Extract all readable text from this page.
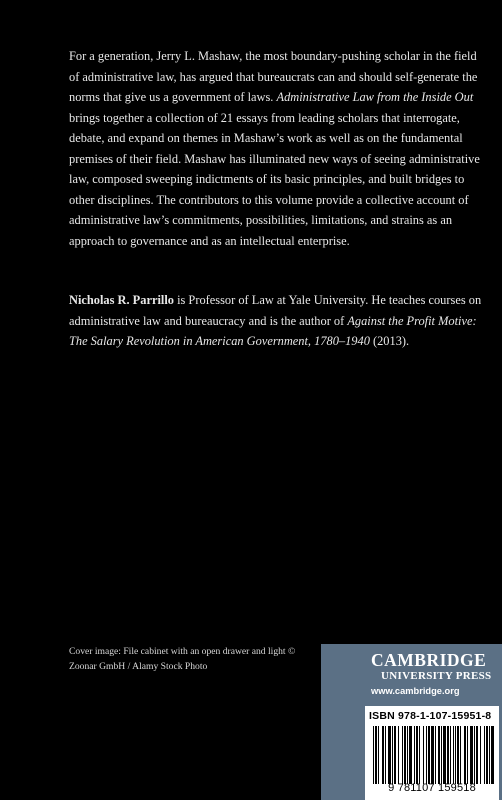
For a generation, Jerry L. Mashaw, the most boundary-pushing scholar in the field of administrative law, has argued that bureaucrats can and should self-generate the norms that give us a government of laws. Administrative Law from the Inside Out brings together a collection of 21 essays from leading scholars that interrogate, debate, and expand on themes in Mashaw’s work as well as on the fundamental premises of their field. Mashaw has illuminated new ways of seeing administrative law, composed sweeping indictments of its basic principles, and built bridges to other disciplines. The contributors to this volume provide a collective account of administrative law’s commitments, possibilities, limitations, and strains as an approach to governance and as an intellectual enterprise.

Nicholas R. Parrillo is Professor of Law at Yale University. He teaches courses on administrative law and bureaucracy and is the author of Against the Profit Motive: The Salary Revolution in American Government, 1780–1940 (2013).

Cover image: File cabinet with an open drawer and light © Zoonar GmbH / Alamy Stock Photo	CAMBRIDGE
UNIVERSITY PRESS
www.cambridge.org
ISBN 978-1-107-15951-8
9 781107 159518
